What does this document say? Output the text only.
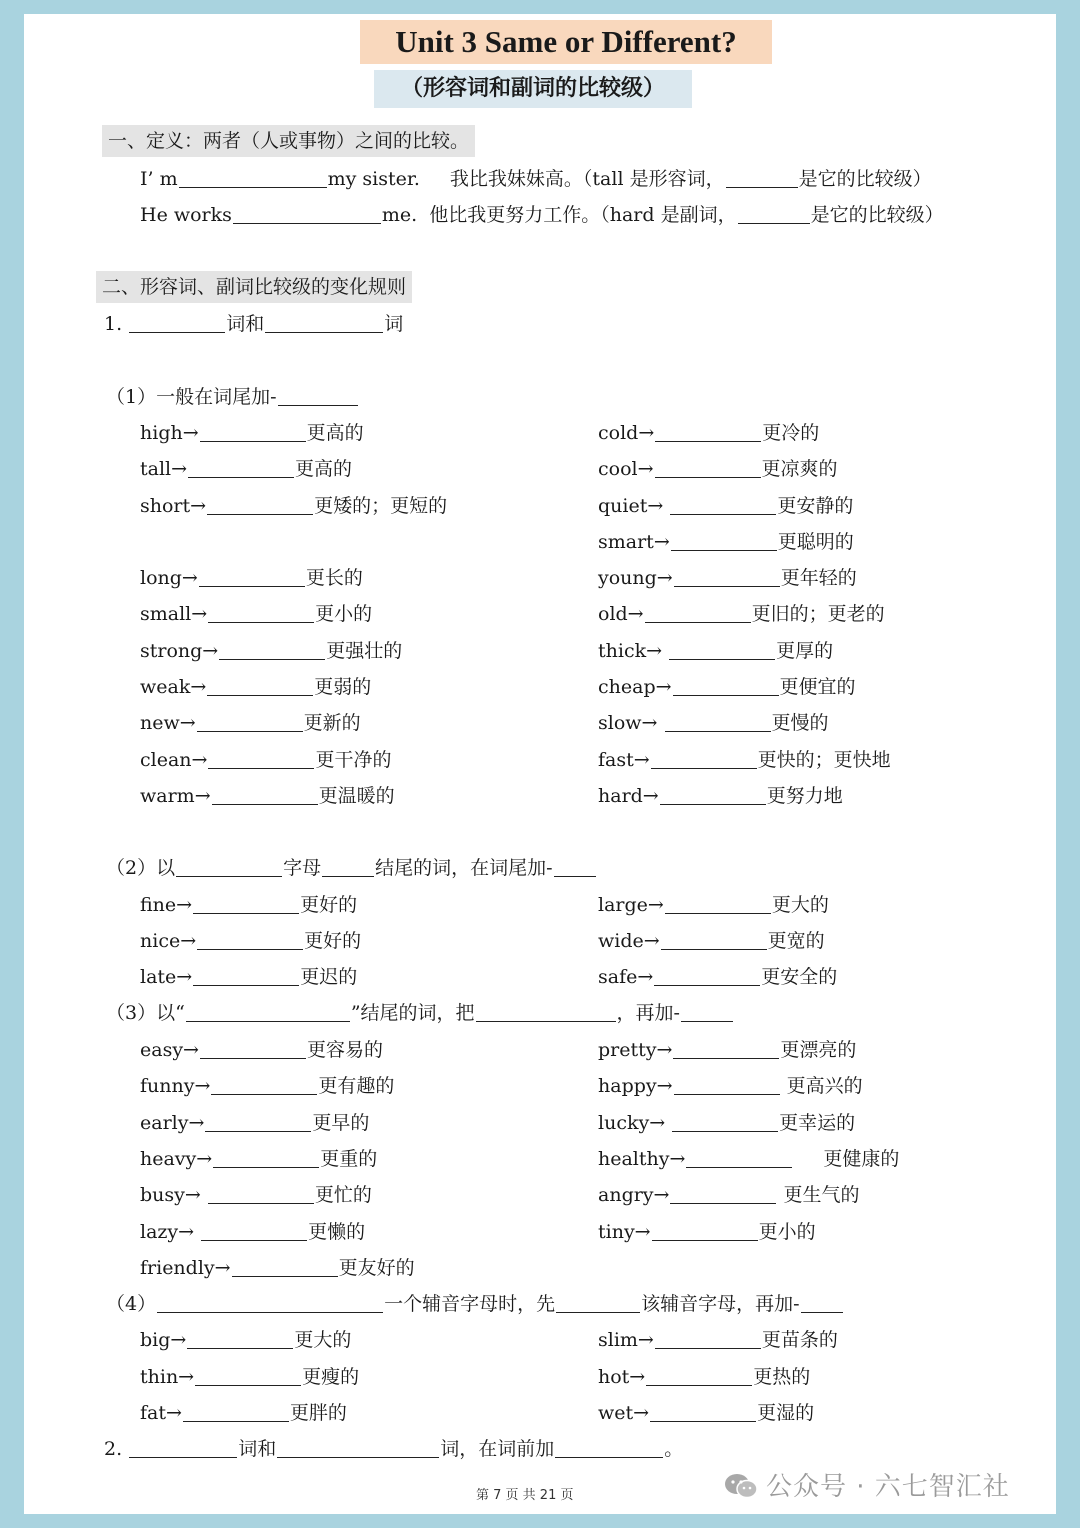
Unit 3 Same or Different?
（形容词和副词的比较级）
一、定义：两者（人或事物）之间的比较。
I’ m	my sister. 我比我妹妹高。（tall 是形容词，	是它的比较级）
He works	me. 他比我更努力工作。（hard 是副词，	是它的比较级）
二、形容词、副词比较级的变化规则
1.	词和	词
（1）一般在词尾加-
high→	更高的
tall→	更高的
short→	更矮的；更短的
long→	更长的
small→	更小的
strong→	更强壮的
weak→	更弱的
new→	更新的
clean→	更干净的
warm→	更温暖的
cold→	更冷的
cool→	更凉爽的
quiet→	更安静的
smart→	更聪明的
young→	更年轻的
old→	更旧的；更老的
thick→	更厚的
cheap→	更便宜的
slow→	更慢的
fast→	更快的；更快地
hard→	更努力地
（2）以	字母	结尾的词，在词尾加-
fine→	更好的
nice→	更好的
late→	更迟的
large→	更大的
wide→	更宽的
safe→	更安全的
（3）以“	”结尾的词，把	，再加-
easy→	更容易的
funny→	更有趣的
early→	更早的
heavy→	更重的
busy→	更忙的
lazy→	更懒的
friendly→	更友好的
pretty→	更漂亮的
happy→	更高兴的
lucky→	更幸运的
healthy→	更健康的
angry→	更生气的
tiny→	更小的
（4）	一个辅音字母时，先	该辅音字母，再加-
big→	更大的
thin→	更瘦的
fat→	更胖的
slim→	更苗条的
hot→	更热的
wet→	更湿的
2.	词和	词，在词前加	。
第 7 页 共 21 页	公众号 · 六七智汇社
